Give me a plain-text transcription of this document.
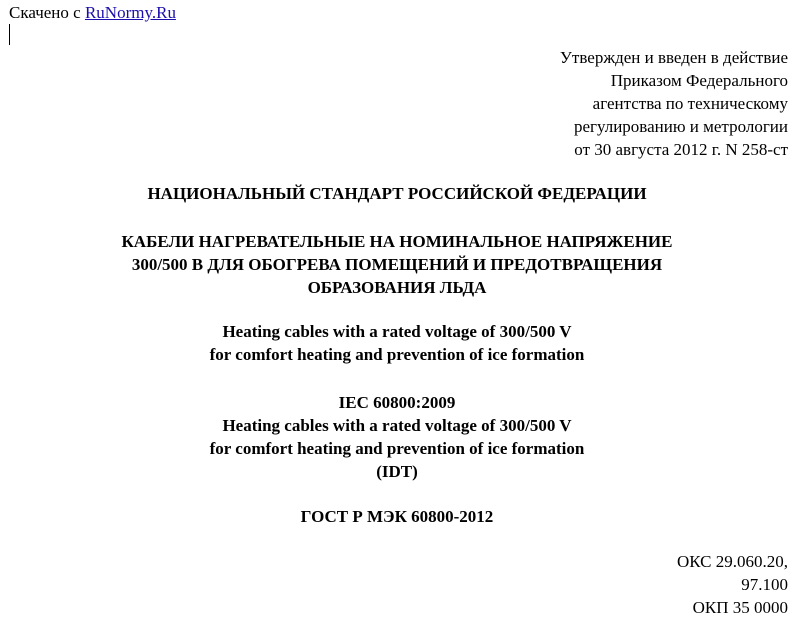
Скачено с RuNormy.Ru
Утвержден и введен в действие
Приказом Федерального
агентства по техническому
регулированию и метрологии
от 30 августа 2012 г. N 258-ст
НАЦИОНАЛЬНЫЙ СТАНДАРТ РОССИЙСКОЙ ФЕДЕРАЦИИ
КАБЕЛИ НАГРЕВАТЕЛЬНЫЕ НА НОМИНАЛЬНОЕ НАПРЯЖЕНИЕ
300/500 В ДЛЯ ОБОГРЕВА ПОМЕЩЕНИЙ И ПРЕДОТВРАЩЕНИЯ
ОБРАЗОВАНИЯ ЛЬДА
Heating cables with a rated voltage of 300/500 V
for comfort heating and prevention of ice formation
IEC 60800:2009
Heating cables with a rated voltage of 300/500 V
for comfort heating and prevention of ice formation
(IDT)
ГОСТ Р МЭК 60800-2012
ОКС 29.060.20,
97.100
ОКП 35 0000
